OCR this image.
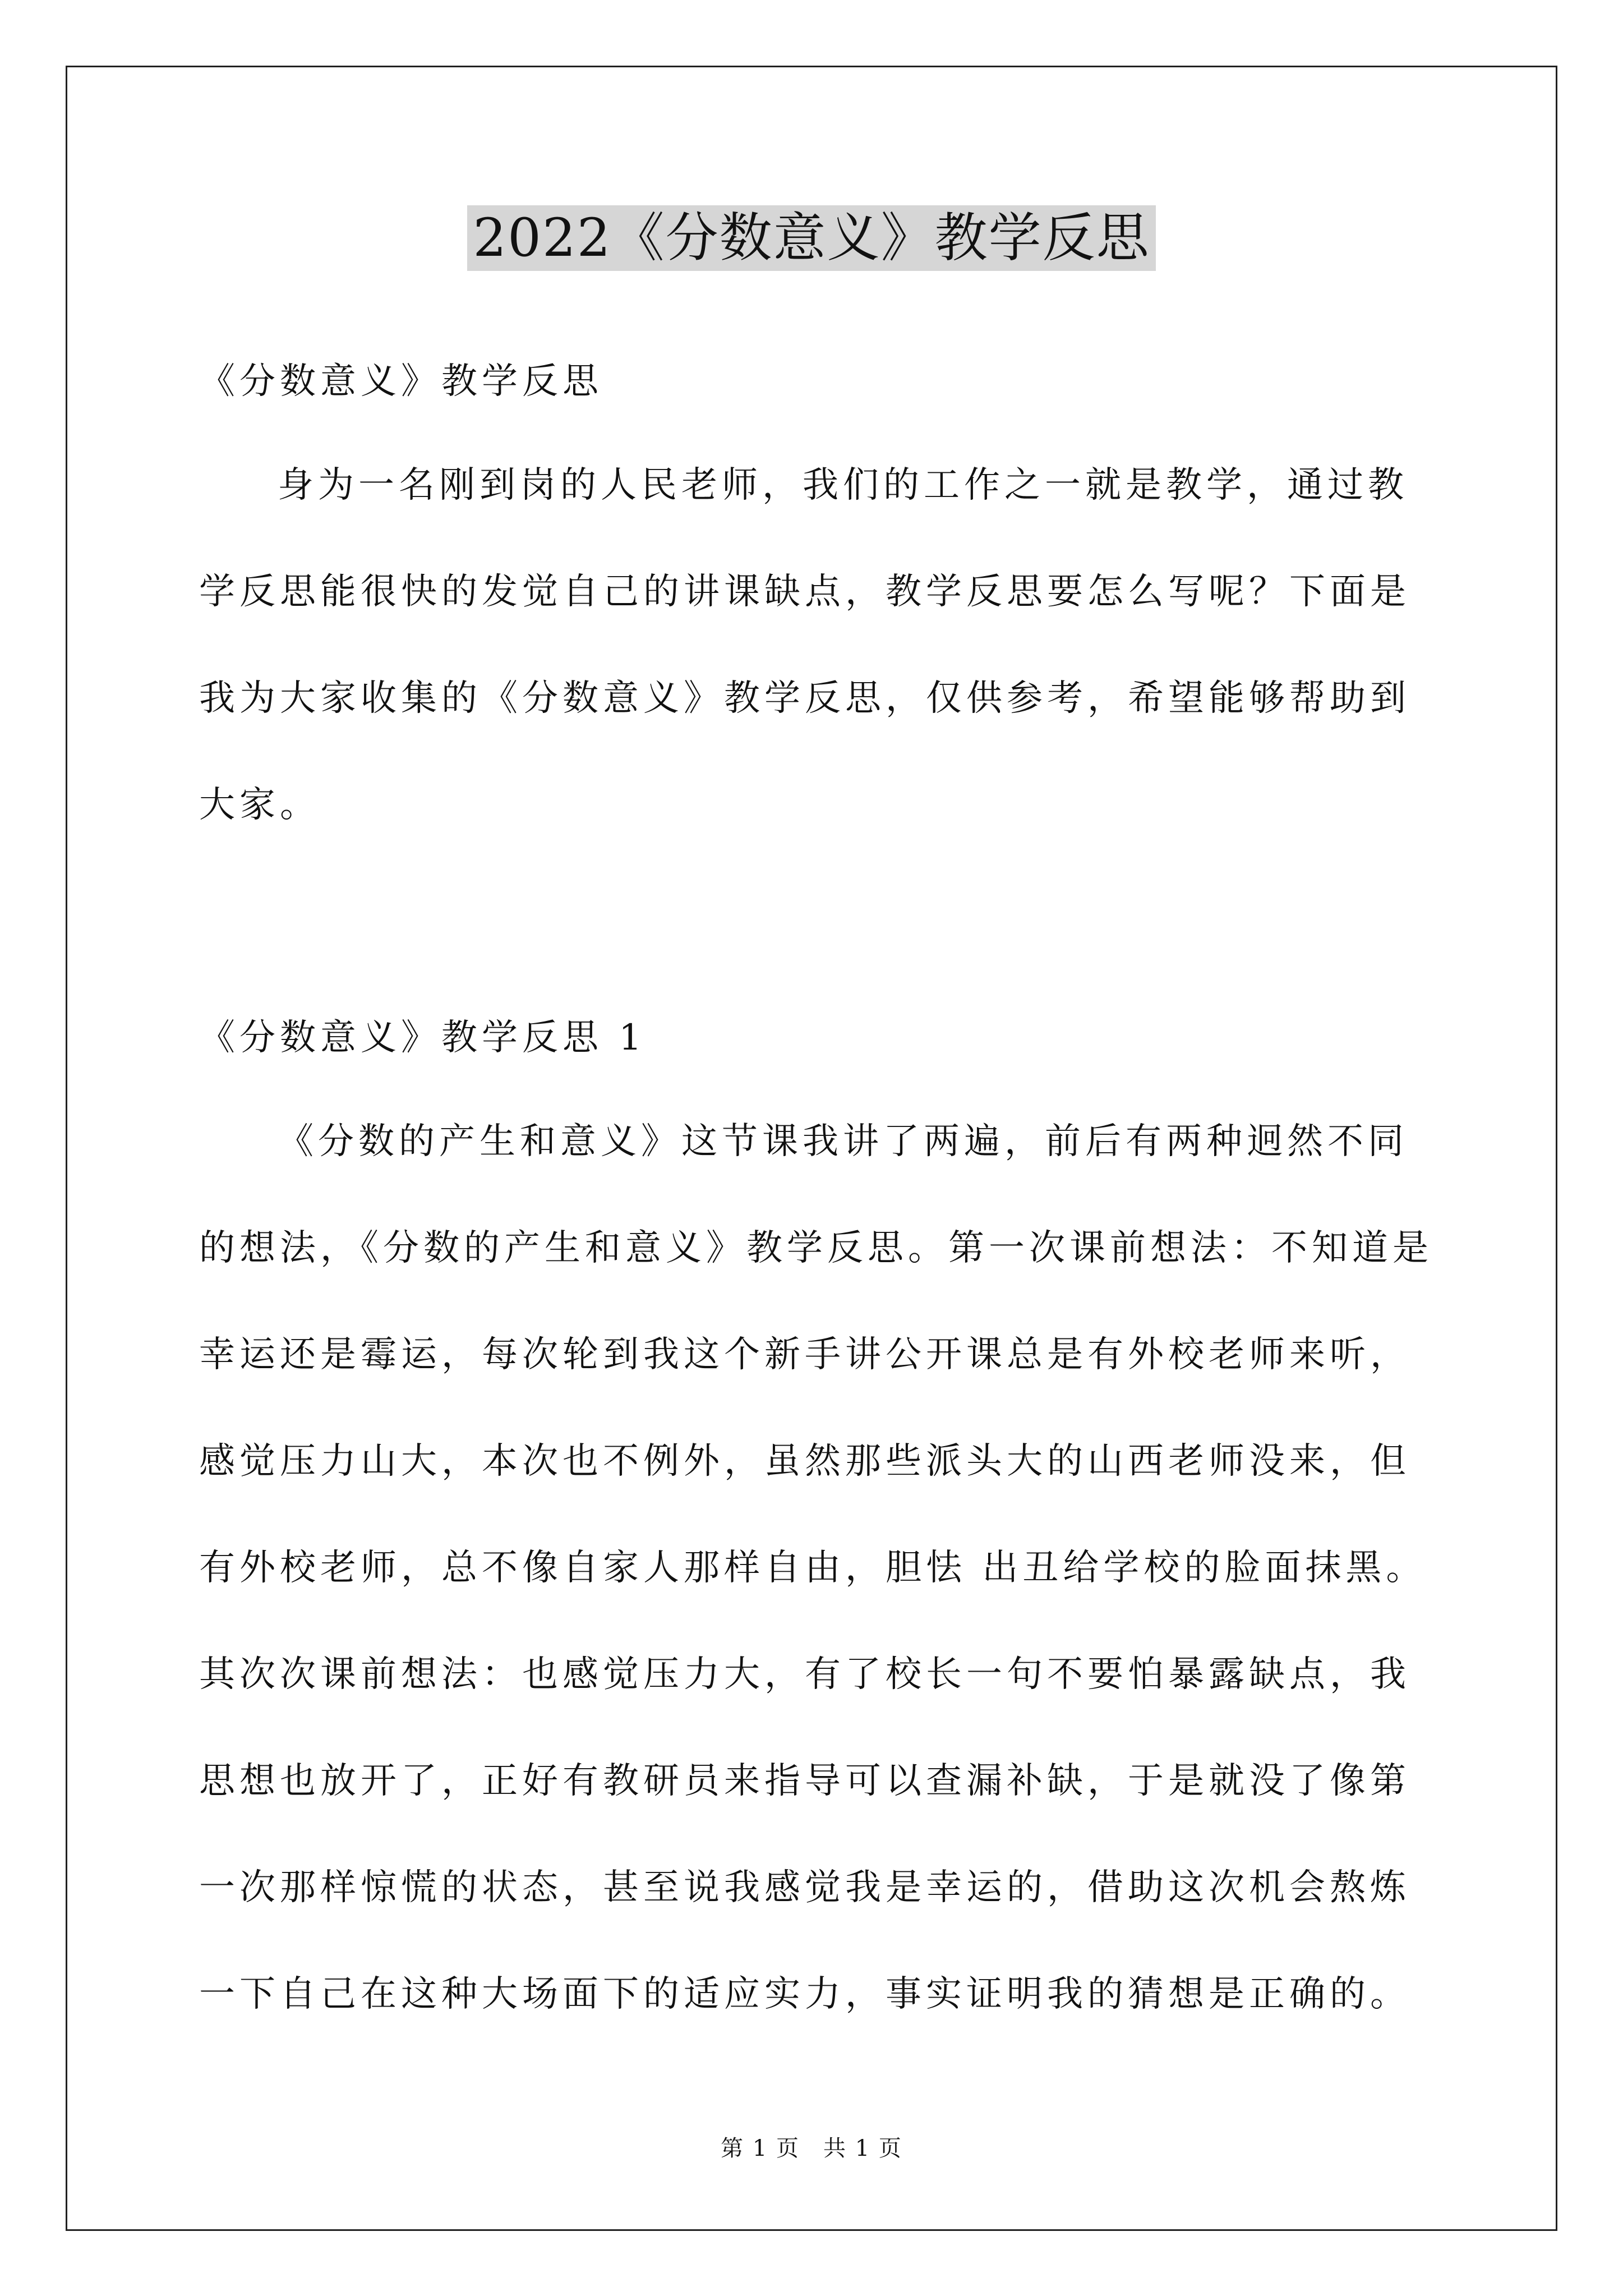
2022《分数意义》教学反思

《分数意义》教学反思

身为一名刚到岗的人民老师，我们的工作之一就是教学，通过教学反思能很快的发觉自己的讲课缺点，教学反思要怎么写呢？下面是我为大家收集的《分数意义》教学反思，仅供参考，希望能够帮助到大家。

《分数意义》教学反思 1

《分数的产生和意义》这节课我讲了两遍，前后有两种迥然不同的想法，《分数的产生和意义》教学反思。第一次课前想法：不知道是幸运还是霉运，每次轮到我这个新手讲公开课总是有外校老师来听，感觉压力山大，本次也不例外，虽然那些派头大的山西老师没来，但有外校老师，总不像自家人那样自由，胆怯 出丑给学校的脸面抹黑。其次次课前想法：也感觉压力大，有了校长一句不要怕暴露缺点，我思想也放开了，正好有教研员来指导可以查漏补缺，于是就没了像第一次那样惊慌的状态，甚至说我感觉我是幸运的，借助这次机会熬炼一下自己在这种大场面下的适应实力，事实证明我的猜想是正确的。

第 1 页　共 1 页
